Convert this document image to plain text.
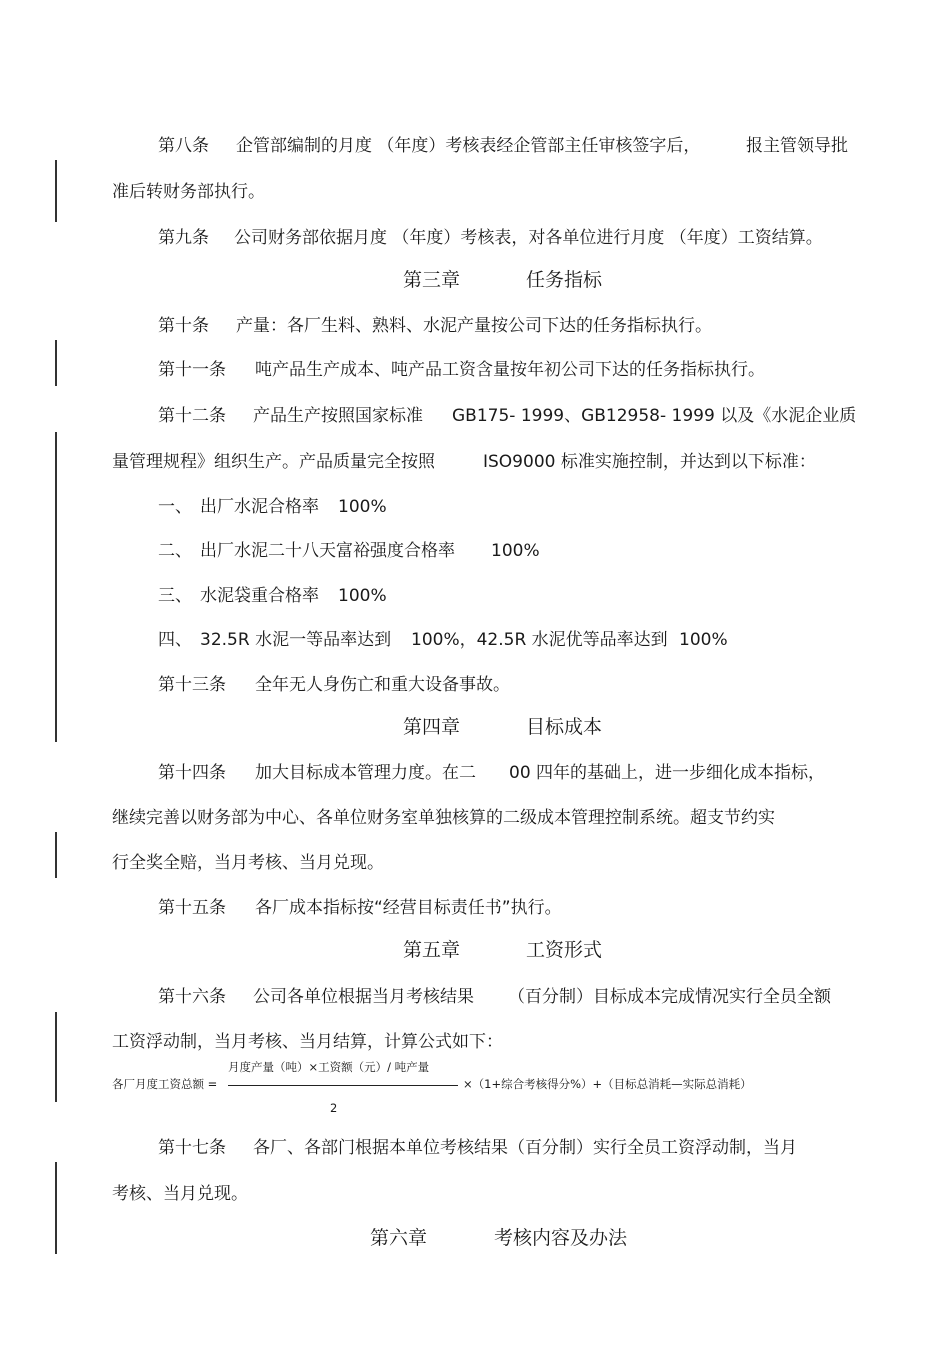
第八条 企管部编制的月度 （年度）考核表经企管部主任审核签字后，	报主管领导批
准后转财务部执行。
第九条 公司财务部依据月度 （年度）考核表，对各单位进行月度 （年度）工资结算。
第三章	任务指标
第十条 产量：各厂生料、熟料、水泥产量按公司下达的任务指标执行。
第十一条 吨产品生产成本、吨产品工资含量按年初公司下达的任务指标执行。
第十二条 产品生产按照国家标准 GB175- 1999、GB12958- 1999 以及《水泥企业质
量管理规程》组织生产。产品质量完全按照	ISO9000 标准实施控制，并达到以下标准：
一、 出厂水泥合格率 100%
二、 出厂水泥二十八天富裕强度合格率 100%
三、 水泥袋重合格率 100%
四、 32.5R 水泥一等品率达到 100%，42.5R 水泥优等品率达到 100%
第十三条 全年无人身伤亡和重大设备事故。
第四章	目标成本
第十四条 加大目标成本管理力度。在二 00 四年的基础上，进一步细化成本指标，
继续完善以财务部为中心、各单位财务室单独核算的二级成本管理控制系统。超支节约实
行全奖全赔，当月考核、当月兑现。
第十五条 各厂成本指标按“经营目标责任书”执行。
第五章	工资形式
第十六条 公司各单位根据当月考核结果 （百分制）目标成本完成情况实行全员全额
工资浮动制，当月考核、当月结算，计算公式如下：
各厂月度工资总额 =
月度产量（吨）×工资额（元）/ 吨产量
2
×（1+综合考核得分%）+（目标总消耗—实际总消耗）
第十七条 各厂、各部门根据本单位考核结果（百分制）实行全员工资浮动制，当月
考核、当月兑现。
第六章	考核内容及办法
